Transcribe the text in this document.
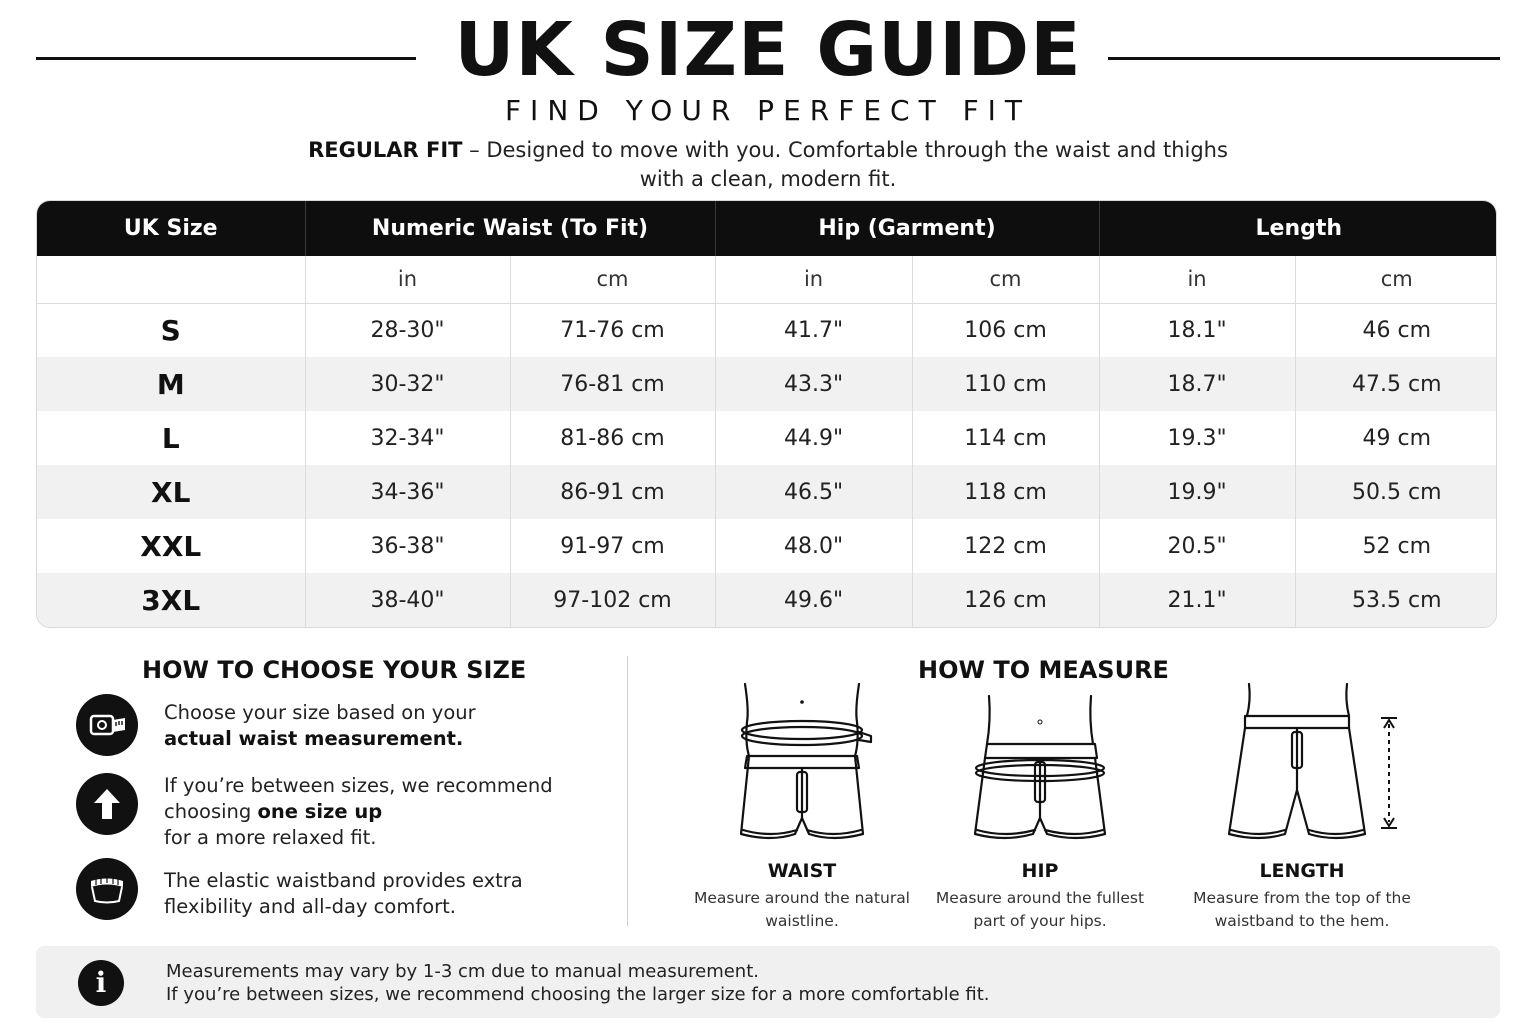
UK SIZE GUIDE
FIND YOUR PERFECT FIT
REGULAR FIT – Designed to move with you. Comfortable through the waist and thighs
with a clean, modern fit.
UK Size	Numeric Waist (To Fit)		Hip (Garment)		Length	
	in	cm	in	cm	in	cm
S	28-30"	71-76 cm	41.7"	106 cm	18.1"	46 cm
M	30-32"	76-81 cm	43.3"	110 cm	18.7"	47.5 cm
L	32-34"	81-86 cm	44.9"	114 cm	19.3"	49 cm
XL	34-36"	86-91 cm	46.5"	118 cm	19.9"	50.5 cm
XXL	36-38"	91-97 cm	48.0"	122 cm	20.5"	52 cm
3XL	38-40"	97-102 cm	49.6"	126 cm	21.1"	53.5 cm
HOW TO CHOOSE YOUR SIZE
Choose your size based on your
actual waist measurement.
If you’re between sizes, we recommend choosing one size up
for a more relaxed fit.
The elastic waistband provides extra flexibility and all-day comfort.
HOW TO MEASURE
WAIST
Measure around the natural
waistline.
HIP
Measure around the fullest
part of your hips.
LENGTH
Measure from the top of the
waistband to the hem.
i	Measurements may vary by 1-3 cm due to manual measurement.
If you’re between sizes, we recommend choosing the larger size for a more comfortable fit.
